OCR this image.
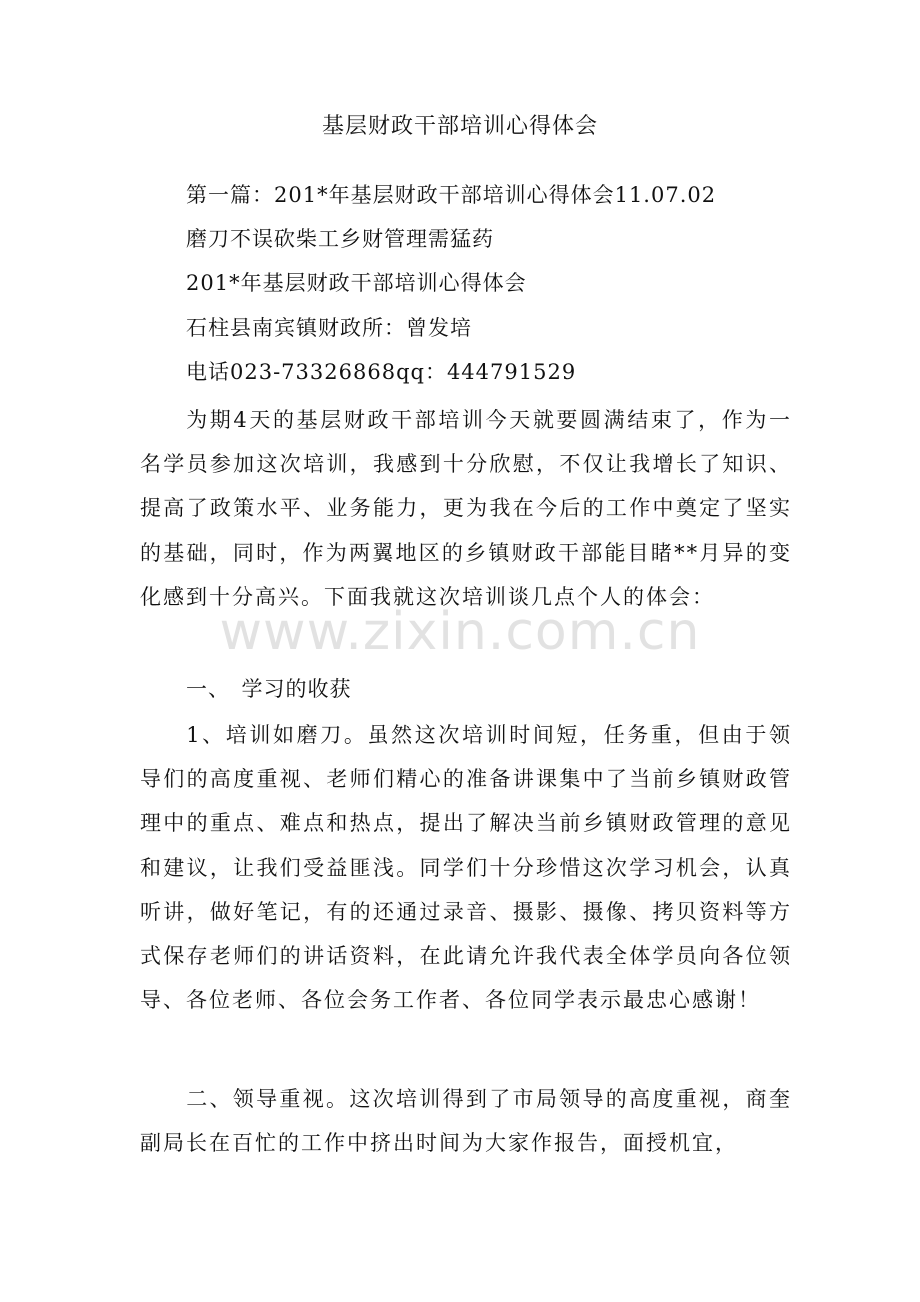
基层财政干部培训心得体会
第一篇：201*年基层财政干部培训心得体会11.07.02
磨刀不误砍柴工乡财管理需猛药
201*年基层财政干部培训心得体会
石柱县南宾镇财政所：曾发培
电话023-73326868qq：444791529
为期4天的基层财政干部培训今天就要圆满结束了，作为一名学员参加这次培训，我感到十分欣慰，不仅让我增长了知识、提高了政策水平、业务能力，更为我在今后的工作中奠定了坚实的基础，同时，作为两翼地区的乡镇财政干部能目睹**月异的变化感到十分高兴。下面我就这次培训谈几点个人的体会：
一、　学习的收获
1、培训如磨刀。虽然这次培训时间短，任务重，但由于领导们的高度重视、老师们精心的准备讲课集中了当前乡镇财政管理中的重点、难点和热点，提出了解决当前乡镇财政管理的意见和建议，让我们受益匪浅。同学们十分珍惜这次学习机会，认真听讲，做好笔记，有的还通过录音、摄影、摄像、拷贝资料等方式保存老师们的讲话资料，在此请允许我代表全体学员向各位领导、各位老师、各位会务工作者、各位同学表示最忠心感谢！
二、领导重视。这次培训得到了市局领导的高度重视，商奎副局长在百忙的工作中挤出时间为大家作报告，面授机宜，
www.zixin.com.cn
